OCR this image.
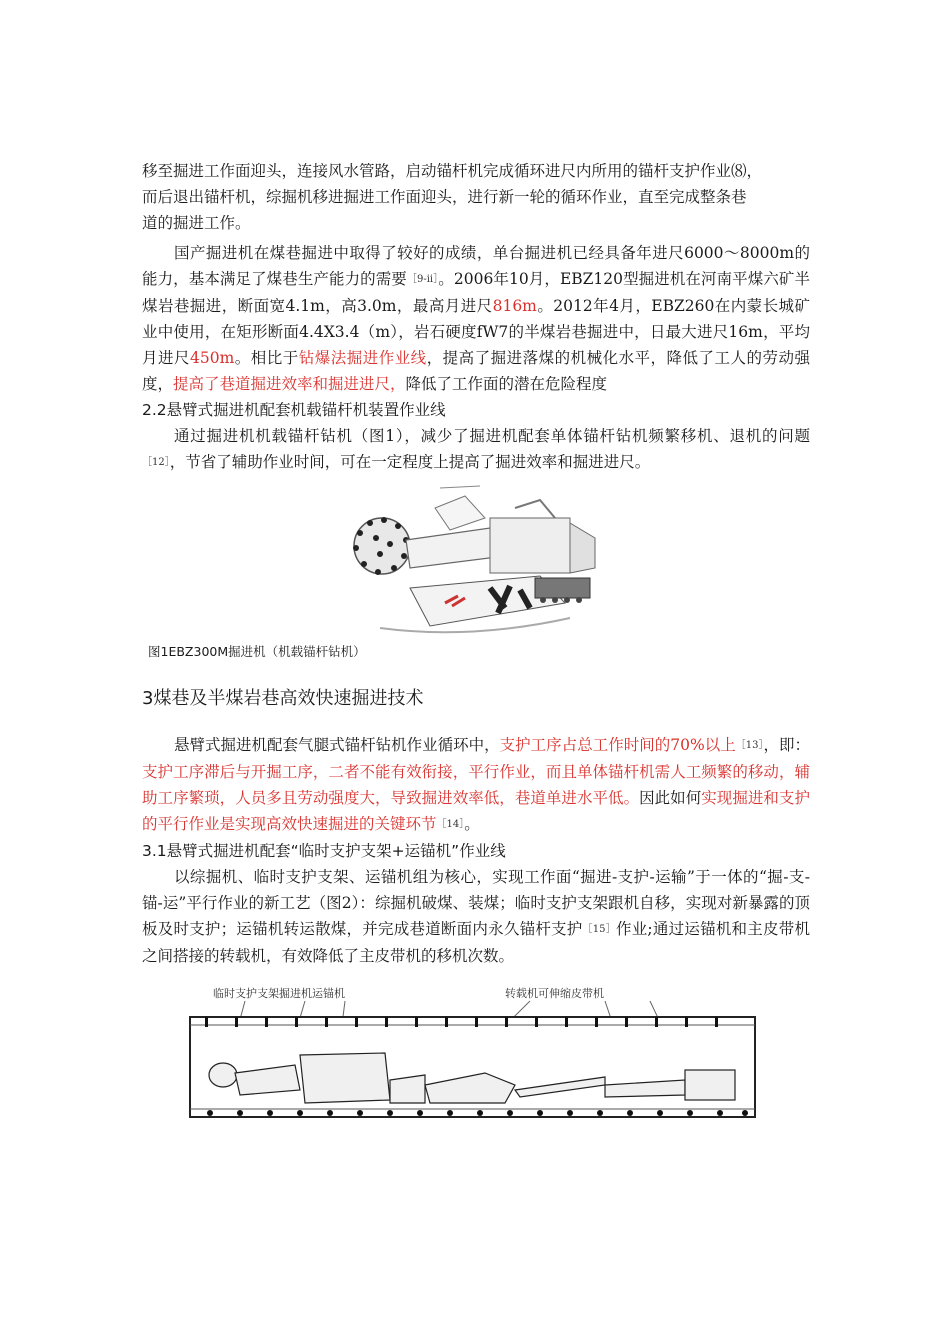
移至掘进工作面迎头，连接风水管路，启动锚杆机完成循环进尺内所用的锚杆支护作业⑻，
而后退出锚杆机，综掘机移进掘进工作面迎头，进行新一轮的循环作业，直至完成整条巷
道的掘进工作。

国产掘进机在煤巷掘进中取得了较好的成绩，单台掘进机已经具备年进尺6000～8000m的能力，基本满足了煤巷生产能力的需要［9-ii］。2006年10月，EBZ120型掘进机在河南平煤六矿半煤岩巷掘进，断面宽4.1m，高3.0m，最高月进尺816m。2012年4月，EBZ260在内蒙长城矿业中使用，在矩形断面4.4X3.4（m），岩石硬度fW7的半煤岩巷掘进中，日最大进尺16m，平均月进尺450m。相比于钻爆法掘进作业线，提高了掘进落煤的机械化水平，降低了工人的劳动强度，提高了巷道掘进效率和掘进进尺，降低了工作面的潜在危险程度

2.2悬臂式掘进机配套机载锚杆机装置作业线

通过掘进机机载锚杆钻机（图1），减少了掘进机配套单体锚杆钻机频繁移机、退机的问题［12］，节省了辅助作业时间，可在一定程度上提高了掘进效率和掘进进尺。

图1EBZ300M掘进机（机载锚杆钻机）
3煤巷及半煤岩巷高效快速掘进技术

悬臂式掘进机配套气腿式锚杆钻机作业循环中，支护工序占总工作时间的70%以上［13］，即：支护工序滞后与开掘工序，二者不能有效衔接，平行作业，而且单体锚杆机需人工频繁的移动，辅助工序繁琐，人员多且劳动强度大，导致掘进效率低，巷道单进水平低。因此如何实现掘进和支护的平行作业是实现高效快速掘进的关键环节［14］。

3.1悬臂式掘进机配套“临时支护支架+运锚机”作业线

以综掘机、临时支护支架、运锚机组为核心，实现工作面“掘进-支护-运输”于一体的“掘-支-锚-运”平行作业的新工艺（图2）：综掘机破煤、装煤；临时支护支架跟机自移，实现对新暴露的顶板及时支护；运锚机转运散煤，并完成巷道断面内永久锚杆支护［15］作业;通过运锚机和主皮带机之间搭接的转载机，有效降低了主皮带机的移机次数。

临时支护支架掘进机运锚机	转载机可伸缩皮带机
